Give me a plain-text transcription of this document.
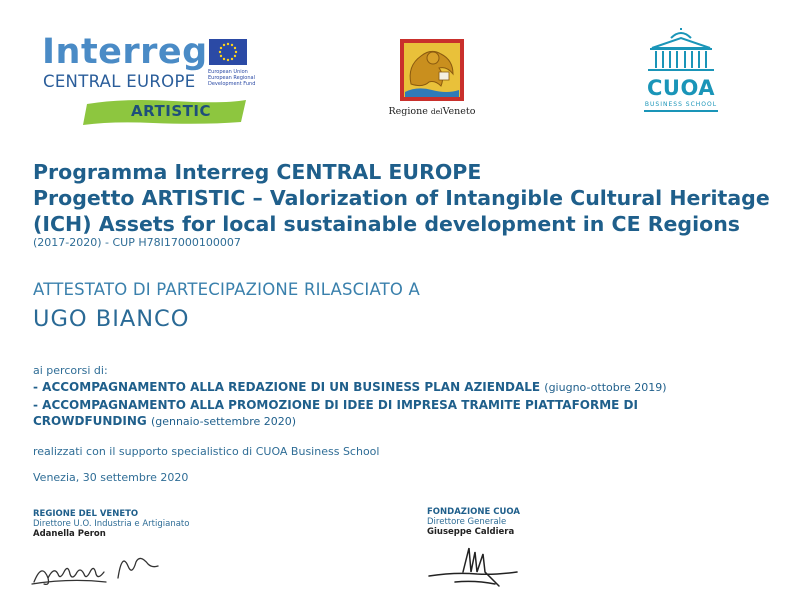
Interreg
CENTRAL EUROPE	European Union
European Regional
Development Fund
ARTISTIC	Regione delVeneto
CUOA
BUSINESS SCHOOL
Programma Interreg CENTRAL EUROPE
Progetto ARTISTIC – Valorization of Intangible Cultural Heritage
(ICH) Assets for local sustainable development in CE Regions
(2017-2020) - CUP H78I17000100007
ATTESTATO DI PARTECIPAZIONE RILASCIATO A
UGO BIANCO
ai percorsi di:
- ACCOMPAGNAMENTO ALLA REDAZIONE DI UN BUSINESS PLAN AZIENDALE (giugno-ottobre 2019)
- ACCOMPAGNAMENTO ALLA PROMOZIONE DI IDEE DI IMPRESA TRAMITE PIATTAFORME DI
CROWDFUNDING (gennaio-settembre 2020)
realizzati con il supporto specialistico di CUOA Business School
Venezia, 30 settembre 2020
REGIONE DEL VENETO
Direttore U.O. Industria e Artigianato
Adanella Peron
FONDAZIONE CUOA
Direttore Generale
Giuseppe Caldiera
